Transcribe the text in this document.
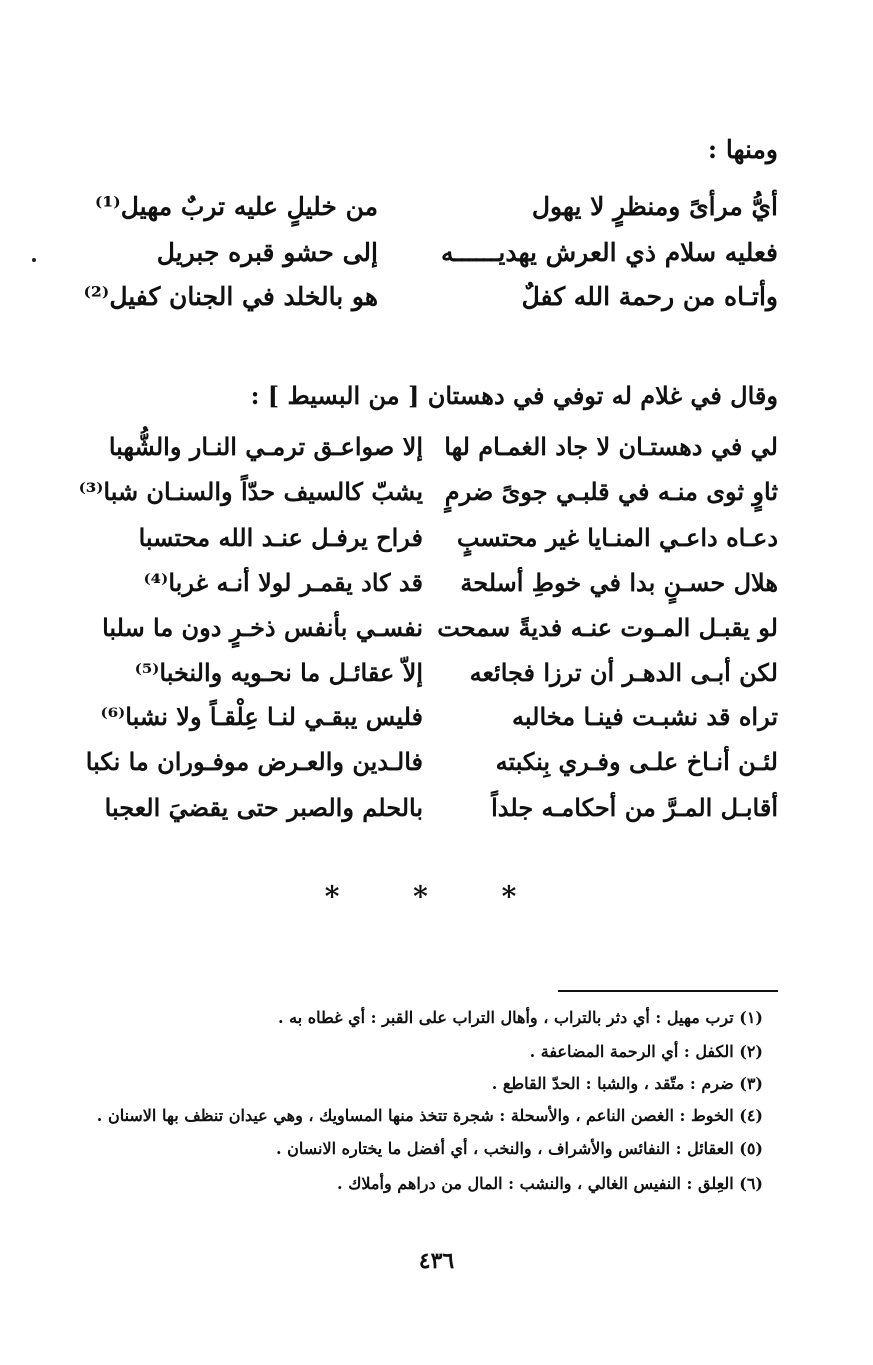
ومنها :
أيُّ مرأىً ومنظرٍ لا يهول
من خليلٍ عليه تربٌ مهيل⁽¹⁾
فعليه سلام ذي العرش يهديــــــه
إلى حشو قبره جبريل
وأتـاه من رحمة الله كفلٌ
هو بالخلد في الجنان كفيل⁽²⁾
وقال في غلام له توفي في دهستان [ من البسيط ] :
لي في دهستـان لا جاد الغمـام لها
إلا صواعـق ترمـي النـار والشُّهبا
ثاوٍ ثوى منـه في قلبـي جوىً ضرمٍ
يشبّ كالسيف حدّاً والسنـان شبا⁽³⁾
دعـاه داعـي المنـايا غير محتسبٍ
فراح يرفـل عنـد الله محتسبا
هلال حسـنٍ بدا في خوطِ أسلحة
قد كاد يقمـر لولا أنـه غربا⁽⁴⁾
لو يقبـل المـوت عنـه فديةً سمحت
نفسـي بأنفس ذخـرٍ دون ما سلبا
لكن أبـى الدهـر أن ترزا فجائعه
إلاّ عقائـل ما نحـويه والنخبا⁽⁵⁾
تراه قد نشبـت فينـا مخالبه
فليس يبقـي لنـا عِلْقـاً ولا نشبا⁽⁶⁾
لئـن أنـاخ علـى وفـري بِنكبته
فالـدين والعـرض موفـوران ما نكبا
أقابـل المـرَّ من أحكامـه جلداً
بالحلم والصبر حتى يقضيَ العجبا
* * *
(١) ترب مهيل : أي دثر بالتراب ، وأهال التراب على القبر : أي غطاه به .
(٢) الكفل : أي الرحمة المضاعفة .
(٣) ضرم : متّقد ، والشبا : الحدّ القاطع .
(٤) الخوط : الغصن الناعم ، والأسحلة : شجرة تتخذ منها المساويك ، وهي عيدان تنظف بها الاسنان .
(٥) العقائل : النفائس والأشراف ، والنخب ، أي أفضل ما يختاره الانسان .
(٦) العِلق : النفيس الغالي ، والنشب : المال من دراهم وأملاك .
٤٣٦
